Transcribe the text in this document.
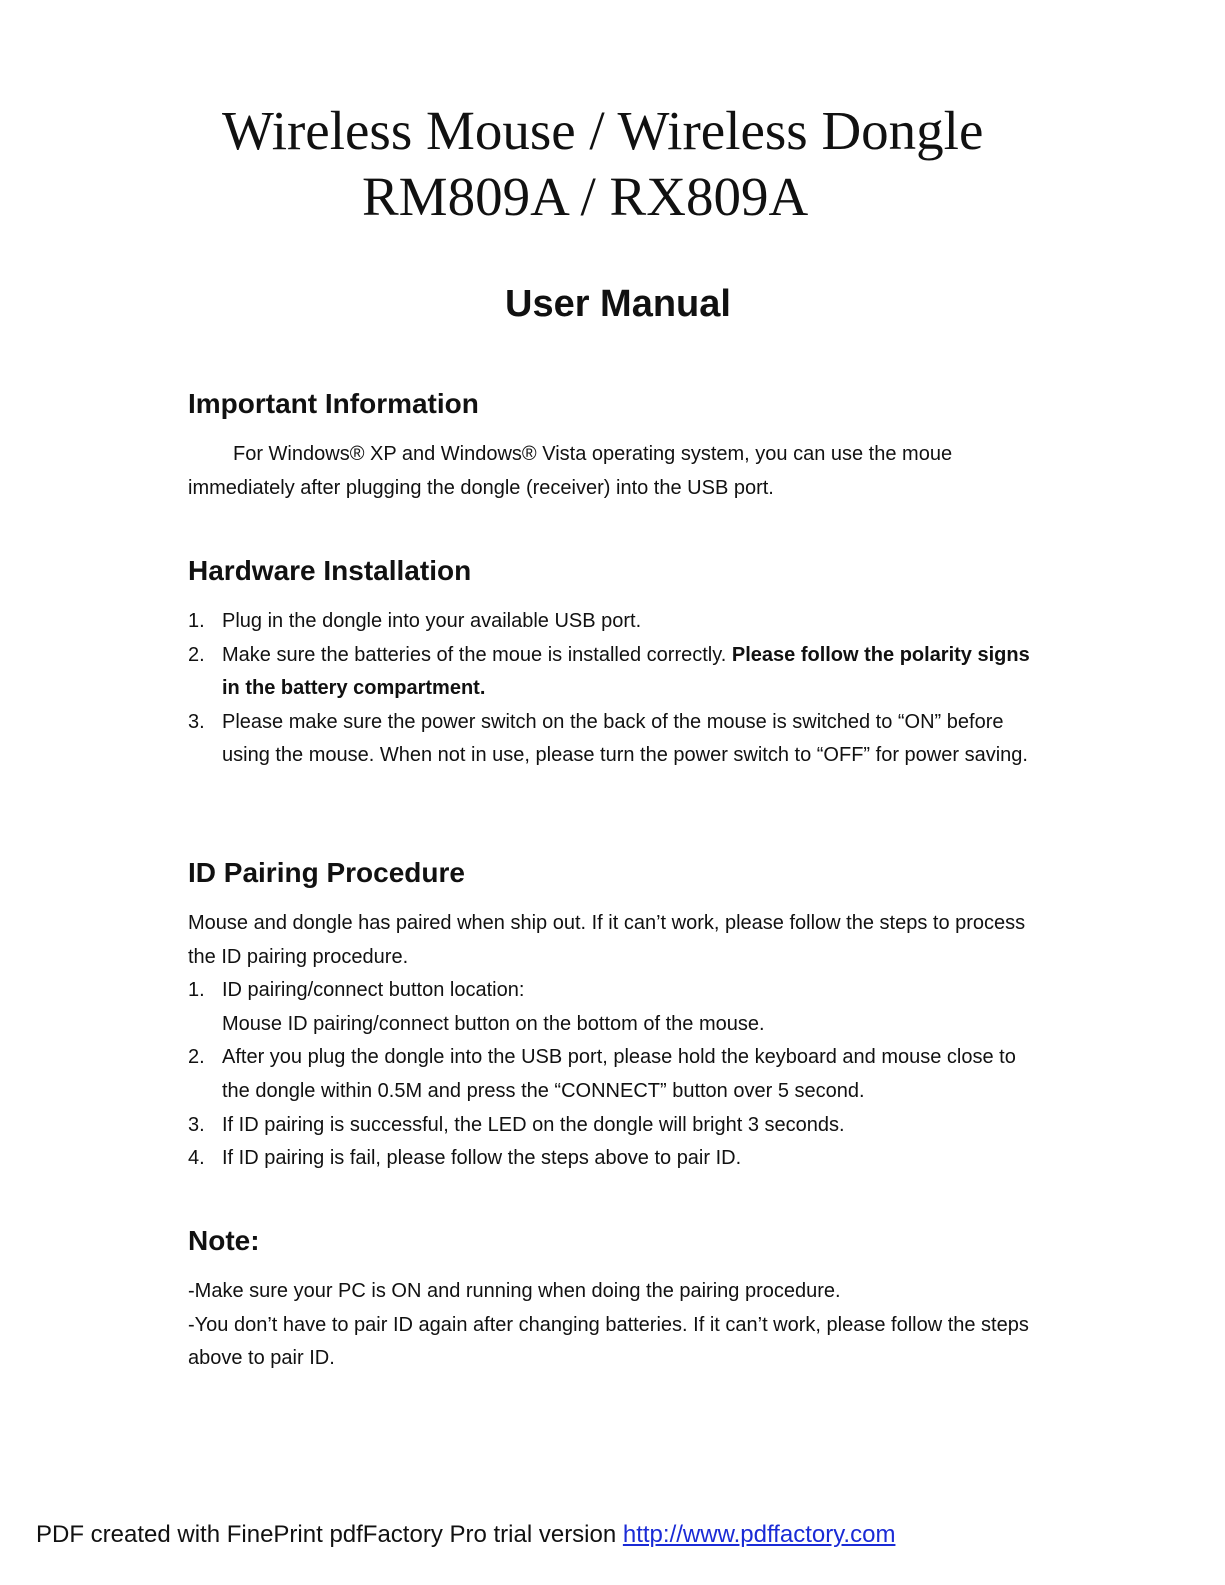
Wireless Mouse / Wireless Dongle
RM809A / RX809A
User Manual
Important Information

For Windows® XP and Windows® Vista operating system, you can use the moue immediately after plugging the dongle (receiver) into the USB port.

Hardware Installation
1. Plug in the dongle into your available USB port.
2. Make sure the batteries of the moue is installed correctly. Please follow the polarity signs in the battery compartment.
3. Please make sure the power switch on the back of the mouse is switched to “ON” before using the mouse. When not in use, please turn the power switch to “OFF” for power saving.
ID Pairing Procedure

Mouse and dongle has paired when ship out. If it can’t work, please follow the steps to process the ID pairing procedure.

1. ID pairing/connect button location:
Mouse ID pairing/connect button on the bottom of the mouse.
2. After you plug the dongle into the USB port, please hold the keyboard and mouse close to the dongle within 0.5M and press the “CONNECT” button over 5 second.
3. If ID pairing is successful, the LED on the dongle will bright 3 seconds.
4. If ID pairing is fail, please follow the steps above to pair ID.
Note:

-Make sure your PC is ON and running when doing the pairing procedure.

-You don’t have to pair ID again after changing batteries. If it can’t work, please follow the steps above to pair ID.

PDF created with FinePrint pdfFactory Pro trial version http://www.pdffactory.com
